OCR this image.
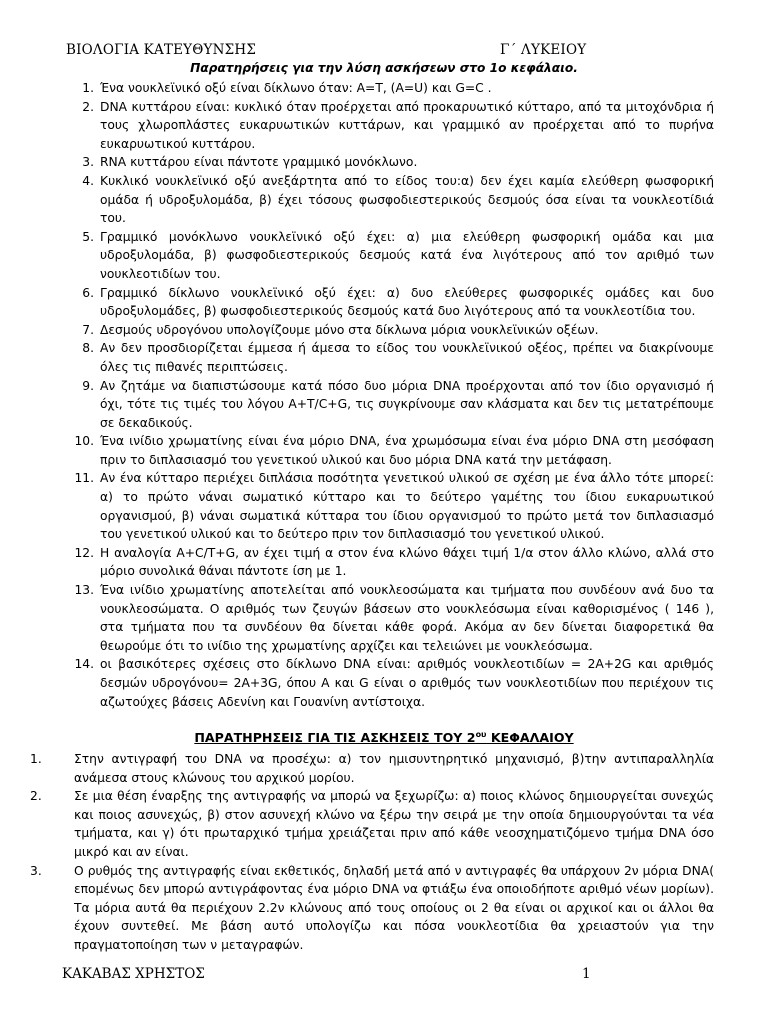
ΒΙΟΛΟΓΙΑ ΚΑΤΕΥΘΥΝΣΗΣ	Γ΄ ΛΥΚΕΙΟΥ
Παρατηρήσεις για την λύση ασκήσεων στο 1ο κεφάλαιο.
1. Ένα νουκλεϊνικό οξύ είναι δίκλωνο όταν: A=T, (A=U) και G=C .
2. DNA κυττάρου είναι: κυκλικό όταν προέρχεται από προκαρυωτικό κύτταρο, από τα μιτοχόνδρια ή τους χλωροπλάστες ευκαρυωτικών κυττάρων, και γραμμικό αν προέρχεται από το πυρήνα ευκαρυωτικού κυττάρου.
3. RNA κυττάρου είναι πάντοτε γραμμικό μονόκλωνο.
4. Κυκλικό νουκλεϊνικό οξύ ανεξάρτητα από το είδος του:α) δεν έχει καμία ελεύθερη φωσφορική ομάδα ή υδροξυλομάδα, β) έχει τόσους φωσφοδιεστερικούς δεσμούς όσα είναι τα νουκλεοτίδιά του.
5. Γραμμικό μονόκλωνο νουκλεϊνικό οξύ έχει: α) μια ελεύθερη φωσφορική ομάδα και μια υδροξυλομάδα, β) φωσφοδιεστερικούς δεσμούς κατά ένα λιγότερους από τον αριθμό των νουκλεοτιδίων του.
6. Γραμμικό δίκλωνο νουκλεϊνικό οξύ έχει: α) δυο ελεύθερες φωσφορικές ομάδες και δυο υδροξυλομάδες, β) φωσφοδιεστερικούς δεσμούς κατά δυο λιγότερους από τα νουκλεοτίδια του.
7. Δεσμούς υδρογόνου υπολογίζουμε μόνο στα δίκλωνα μόρια νουκλεϊνικών οξέων.
8. Αν δεν προσδιορίζεται έμμεσα ή άμεσα το είδος του νουκλεϊνικού οξέος, πρέπει να διακρίνουμε όλες τις πιθανές περιπτώσεις.
9. Αν ζητάμε να διαπιστώσουμε κατά πόσο δυο μόρια DNA προέρχονται από τον ίδιο οργανισμό ή όχι, τότε τις τιμές του λόγου A+T/C+G, τις συγκρίνουμε σαν κλάσματα και δεν τις μετατρέπουμε σε δεκαδικούς.
10. Ένα ινίδιο χρωματίνης είναι ένα μόριο DNA, ένα χρωμόσωμα είναι ένα μόριο DNA στη μεσόφαση πριν το διπλασιασμό του γενετικού υλικού και δυο μόρια DNA κατά την μετάφαση.
11. Αν ένα κύτταρο περιέχει διπλάσια ποσότητα γενετικού υλικού σε σχέση με ένα άλλο τότε μπορεί: α) το πρώτο νάναι σωματικό κύτταρο και το δεύτερο γαμέτης του ίδιου ευκαρυωτικού οργανισμού, β) νάναι σωματικά κύτταρα του ίδιου οργανισμού το πρώτο μετά τον διπλασιασμό του γενετικού υλικού και το δεύτερο πριν τον διπλασιασμό του γενετικού υλικού.
12. Η αναλογία A+C/T+G, αν έχει τιμή α στον ένα κλώνο θάχει τιμή 1/α στον άλλο κλώνο, αλλά στο μόριο συνολικά θάναι πάντοτε ίση με 1.
13. Ένα ινίδιο χρωματίνης αποτελείται από νουκλεοσώματα και τμήματα που συνδέουν ανά δυο τα νουκλεοσώματα. Ο αριθμός των ζευγών βάσεων στο νουκλεόσωμα είναι καθορισμένος ( 146 ), στα τμήματα που τα συνδέουν θα δίνεται κάθε φορά. Ακόμα αν δεν δίνεται διαφορετικά θα θεωρούμε ότι το ινίδιο της χρωματίνης αρχίζει και τελειώνει με νουκλεόσωμα.
14. οι βασικότερες σχέσεις στο δίκλωνο DNA είναι: αριθμός νουκλεοτιδίων = 2A+2G και αριθμός δεσμών υδρογόνου= 2A+3G, όπου A και G είναι ο αριθμός των νουκλεοτιδίων που περιέχουν τις αζωτούχες βάσεις Αδενίνη και Γουανίνη αντίστοιχα.
ΠΑΡΑΤΗΡΗΣΕΙΣ ΓΙΑ ΤΙΣ ΑΣΚΗΣΕΙΣ ΤΟΥ $2^{o\upsilon}$ ΚΕΦΑΛΑΙΟΥ
1.	Στην αντιγραφή του DNA να προσέχω: α) τον ημισυντηρητικό μηχανισμό, β)την αντιπαραλληλία ανάμεσα στους κλώνους του αρχικού μορίου.
2.	Σε μια θέση έναρξης της αντιγραφής να μπορώ να ξεχωρίζω: α) ποιος κλώνος δημιουργείται συνεχώς και ποιος ασυνεχώς, β) στον ασυνεχή κλώνο να ξέρω την σειρά με την οποία δημιουργούνται τα νέα τμήματα, και γ) ότι πρωταρχικό τμήμα χρειάζεται πριν από κάθε νεοσχηματιζόμενο τμήμα DNA όσο μικρό και αν είναι.
3.	Ο ρυθμός της αντιγραφής είναι εκθετικός, δηλαδή μετά από ν αντιγραφές θα υπάρχουν 2ν μόρια DNA( επομένως δεν μπορώ αντιγράφοντας ένα μόριο DNA να φτιάξω ένα οποιοδήποτε αριθμό νέων μορίων). Τα μόρια αυτά θα περιέχουν 2.2ν κλώνους από τους οποίους οι 2 θα είναι οι αρχικοί και οι άλλοι θα έχουν συντεθεί. Με βάση αυτό υπολογίζω και πόσα νουκλεοτίδια θα χρειαστούν για την πραγματοποίηση των ν μεταγραφών.
ΚΑΚΑΒΑΣ ΧΡΗΣΤΟΣ	1
